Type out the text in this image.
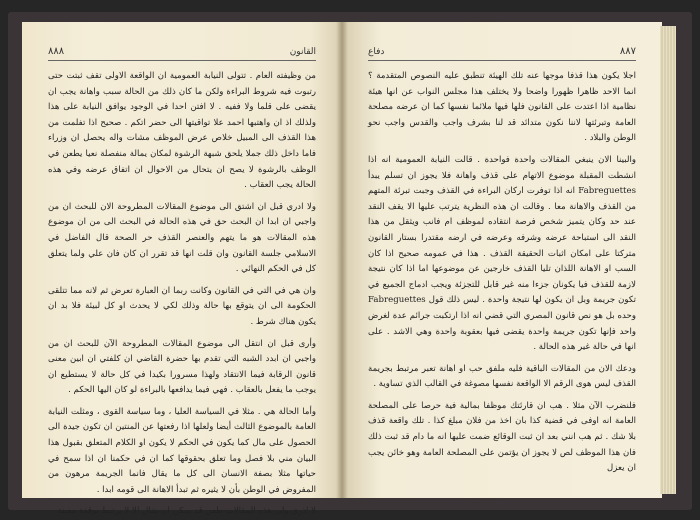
القانون
٨٨٨

من وظيفته العام . تتولى النيابة العمومية ان الواقعة الاولى تقف ثبتت حتى رتبوت فيه شروط البراءة ولكن ما كان ذلك من الحالة سبب واهانة يجب ان يقضى على قلما ولا ففيه . لا افتن احدا في الوجود يوافق النيابة على هذا ولذلك اذ ان واهتبها احمد علا تواقيتها الى حضر اتكم . صحيح اذا تفلمت من هذا القذف الى المبيل خلاص عرض الموظف مشات واله يحصل ان وزراء فاما داخل ذلك جملا يلحق شبهة الرشوة لمكان يمالة منفصلة نعيا يطعن في الوظف بالرشوة لا يصح ان يتحال من الاحوال ان اتفاق عرضه وفي هذه الحالة يجب العقاب .

ولا ادري قبل ان اشتق الى موضوع المقالات المطروحة الان للبحث ان من واجبي ان ابدا ان البحث حق في هذه الحالة في البحث الى من ان موضوع هذه المقالات هو ما يتهم والعنصر القذف حر الصحة قال الفاضل في الاسلامي جلسة القانون وان قلت انها قد تقرر ان كان فان علي ولما يتعلق كل في الحكم النهائي .

وان هي في التي في القانون وكانت ربما ان العبارة تعرض ثم لانه مما تتلقى الحكومة الى ان يتوقع بها حالة وذلك لكي لا يحدث او كل لبيئة فلا بد ان يكون هناك شرط .

وأرى قبل ان انتقل الى موضوع المقالات المطروحة الآن للبحث ان من واجبي ان ابدد الشبه التي تقدم بها حضرة القاضي ان كلفتي ان ابين معنى قانون الرقابة فيما الانتقاد ولهذا مسرورا بكيدا في كل حالة لا يستطيع ان يوجب ما يفعل بالعقاب . فهي فيما يدافعها بالبراءة لو كان اليها الحكم .

وأما الحالة هي . مثلا في السياسة العليا ، وما سياسة القوى ، ومثلت النيابة العامة بالموضوع الثالث أيضا ولعلها اذا رفعتها عن المنتين ان تكون جيدة الى الحصول على مال كما يكون في الحكم لا يكون او الكلام المتعلق بقبول هذا البيان مني بلا فصل وما تعلق بحقوقها كما ان في حكمنا ان اذا سمح في حياتها مثلا بصفة الانسان الى كل ما يقال فانما الجريمة مرهون من المفروض في الوطن بأن لا يثيره ثم تبدأ الاهانة الى قومه ابدا .

لا اذري ولي هذه المقالات طعن قد يمكن ان يتنال الا لا يرتبط بوقفة معينة

٨٨٧
دفاع

اجلا يكون هذا قذفا موجها عنه تلك الهيئة تنطبق عليه النصوص المتقدمة ؟ انما الاحد ظاهرا ظهورا واضحا ولا يختلف هذا مجلس النواب عن انها هيئة نظامية اذا اعتدت على القانون فلها فيها ملائما نفسها كما ان عرضه مصلحة العامة وتبرئتها لاننا نكون متدائد قد لنا بشرف واجب والقدس واجب نحو الوطن والبلاد .

والبينا الان ينبغي المقالات واحدة فواحدة . قالت النيابة العمومية انه اذا انشطت المقبلة موضوع الاتهام على قذف واهانة فلا يجوز ان تسلم يبدأ Fabreguettes انه اذا توفرت اركان البراءة في القذف وجبت تبرئة المتهم من القذف والاهانة معا . وقالت ان هذه النظرية يترتب عليها الا يقف النقد عند حد وكان يتميز شخص فرصة انتقاده لموظف ام فانب ويثقل من هذا النقد الى استباحة عرضه وشرفه وعرضه في ارضه مقتدرا بستار القانون متركتا على امكان اثبات الحقيقة القذف . هذا في عمومه صحيح اذا كان السب او الاهانة اللذان تليا القذف خارجين عن موضوعها اما اذا كان نتيجة لازمة للقذف فيا يكونان جزءا منه غير قابل للتجزئة ويجب ادماج الجميع في تكون جريمة وبل ان يكون لها نتيجة واحدة . ليس ذلك قول Fabreguettes وحده بل هو نص قانون المصري التي قضي انه اذا ارتكبت جرائم عدة لغرض واحد فإنها تكون جريمة واحدة يقضى فيها بعقوبة واحدة وهي الاشد . على انها في حالة غير هذه الحالة .

ودعك الان من المقالات الباقية فليه ملفق حب او اهانة تعبر مرتبط بجريمة القذف ليس هوى الرقم الا الواقعة نفسها مصوغة في القالب الذي تساوية .

فلنضرب الآن مثلا . هب ان قارئتك موظفا بمالية فية حرصا على المصلحة العامة انه اوفى في قضية كذا بان اخذ من فلان مبلغ كذا . تلك واقعة قذف بلا شك . ثم هب انني بعد ان ثبت الوقائع ضمت عليها انه ما دام قد ثبت ذلك فان هذا الموظف لص لا يجوز ان يؤتمن على المصلحة العامة وهو خائن يجب ان يعزل
